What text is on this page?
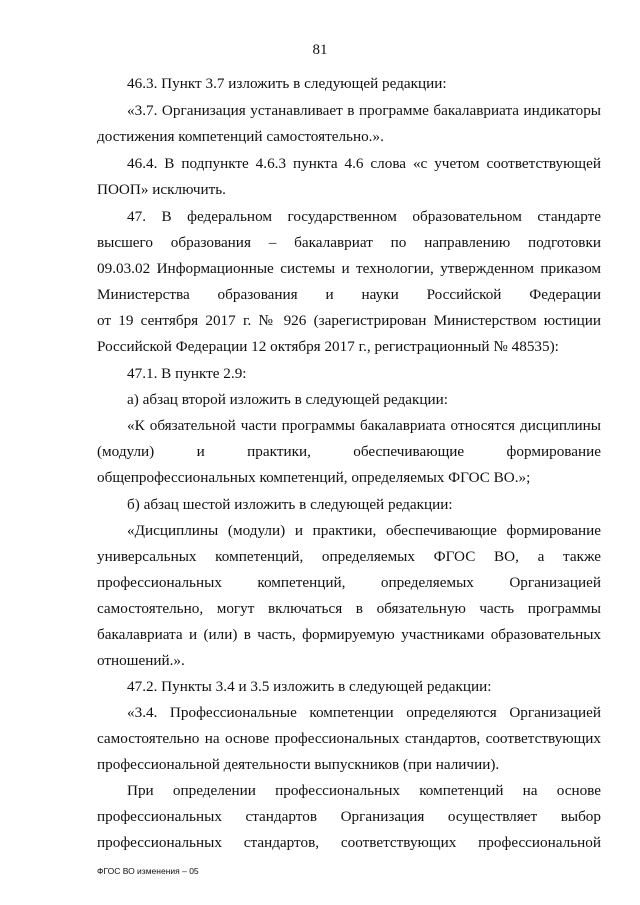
81
46.3. Пункт 3.7 изложить в следующей редакции:
«3.7. Организация устанавливает в программе бакалавриата индикаторы
достижения компетенций самостоятельно.».
46.4. В подпункте 4.6.3 пункта 4.6 слова «с учетом соответствующей
ПООП» исключить.
47. В федеральном государственном образовательном стандарте
высшего образования – бакалавриат по направлению подготовки
09.03.02 Информационные системы и технологии, утвержденном приказом
Министерства образования и науки Российской Федерации
от 19 сентября 2017 г. № 926 (зарегистрирован Министерством юстиции
Российской Федерации 12 октября 2017 г., регистрационный № 48535):
47.1. В пункте 2.9:
а) абзац второй изложить в следующей редакции:
«К обязательной части программы бакалавриата относятся дисциплины
(модули) и практики, обеспечивающие формирование
общепрофессиональных компетенций, определяемых ФГОС ВО.»;
б) абзац шестой изложить в следующей редакции:
«Дисциплины (модули) и практики, обеспечивающие формирование
универсальных компетенций, определяемых ФГОС ВО, а также
профессиональных компетенций, определяемых Организацией
самостоятельно, могут включаться в обязательную часть программы
бакалавриата и (или) в часть, формируемую участниками образовательных
отношений.».
47.2. Пункты 3.4 и 3.5 изложить в следующей редакции:
«3.4. Профессиональные компетенции определяются Организацией
самостоятельно на основе профессиональных стандартов, соответствующих
профессиональной деятельности выпускников (при наличии).
При определении профессиональных компетенций на основе
профессиональных стандартов Организация осуществляет выбор
профессиональных стандартов, соответствующих профессиональной
ФГОС ВО изменения – 05
